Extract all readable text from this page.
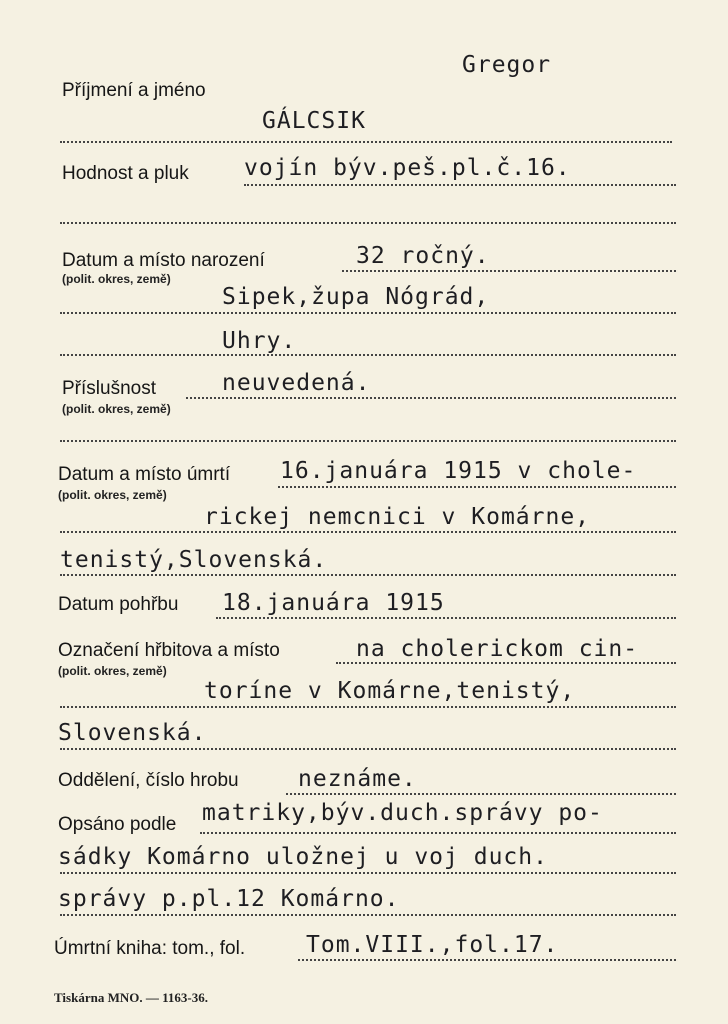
Gregor
Příjmení a jméno
GÁLCSIK
Hodnost a pluk vojín býv.peš.pl.č.16.
Datum a místo narození
(polit. okres, země)
32 ročný.
Sipek,župa Nógrád,
Uhry.
Příslušnost
(polit. okres, země)
neuvedená.
Datum a místo úmrtí
(polit. okres, země)
16.januára 1915 v chole-
rickej nemcnici v Komárne,
tenistý,Slovenská.
Datum pohřbu 18.januára 1915
Označení hřbitova a místo
(polit. okres, země)
na cholerickom cin-
toríne v Komárne,tenistý,
Slovenská.
Oddělení, číslo hrobu	neznáme.
Opsáno podle matriky,býv.duch.správy po-
sádky Komárno uložnej u voj duch.
správy p.pl.12 Komárno.
Úmrtní kniha: tom., fol.	Tom.VIII.,fol.17.
Tiskárna MNO. — 1163-36.
